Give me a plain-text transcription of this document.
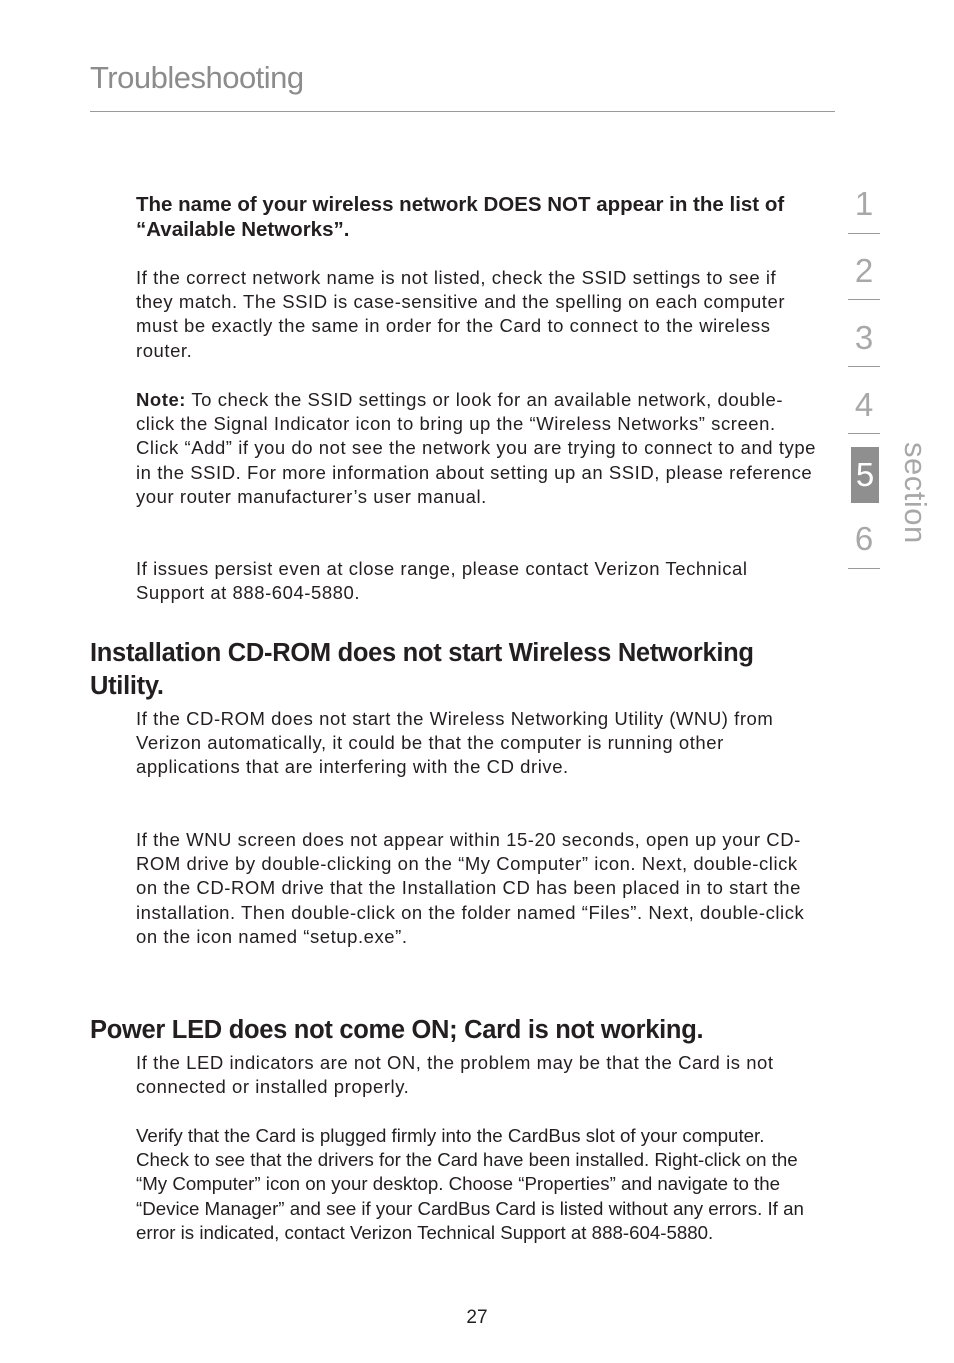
Troubleshooting
The name of your wireless network DOES NOT appear in the list of “Available Networks”.

If the correct network name is not listed, check the SSID settings to see if they match. The SSID is case-sensitive and the spelling on each computer must be exactly the same in order for the Card to connect to the wireless router.

Note: To check the SSID settings or look for an available network, double-click the Signal Indicator icon to bring up the “Wireless Networks” screen. Click “Add” if you do not see the network you are trying to connect to and type in the SSID. For more information about setting up an SSID, please reference your router manufacturer’s user manual.

If issues persist even at close range, please contact Verizon Technical Support at 888-604-5880.

Installation CD-ROM does not start Wireless Networking Utility.

If the CD-ROM does not start the Wireless Networking Utility (WNU) from Verizon automatically, it could be that the computer is running other applications that are interfering with the CD drive.

If the WNU screen does not appear within 15-20 seconds, open up your CD-ROM drive by double-clicking on the “My Computer” icon. Next, double-click on the CD-ROM drive that the Installation CD has been placed in to start the installation. Then double-click on the folder named “Files”. Next, double-click on the icon named “setup.exe”.

Power LED does not come ON; Card is not working.

If the LED indicators are not ON, the problem may be that the Card is not connected or installed properly.

Verify that the Card is plugged firmly into the CardBus slot of your computer. Check to see that the drivers for the Card have been installed. Right-click on the “My Computer” icon on your desktop. Choose “Properties” and navigate to the “Device Manager” and see if your CardBus Card is listed without any errors. If an error is indicated, contact Verizon Technical Support at 888-604-5880.

1
2
3
4
5
6 section
27
